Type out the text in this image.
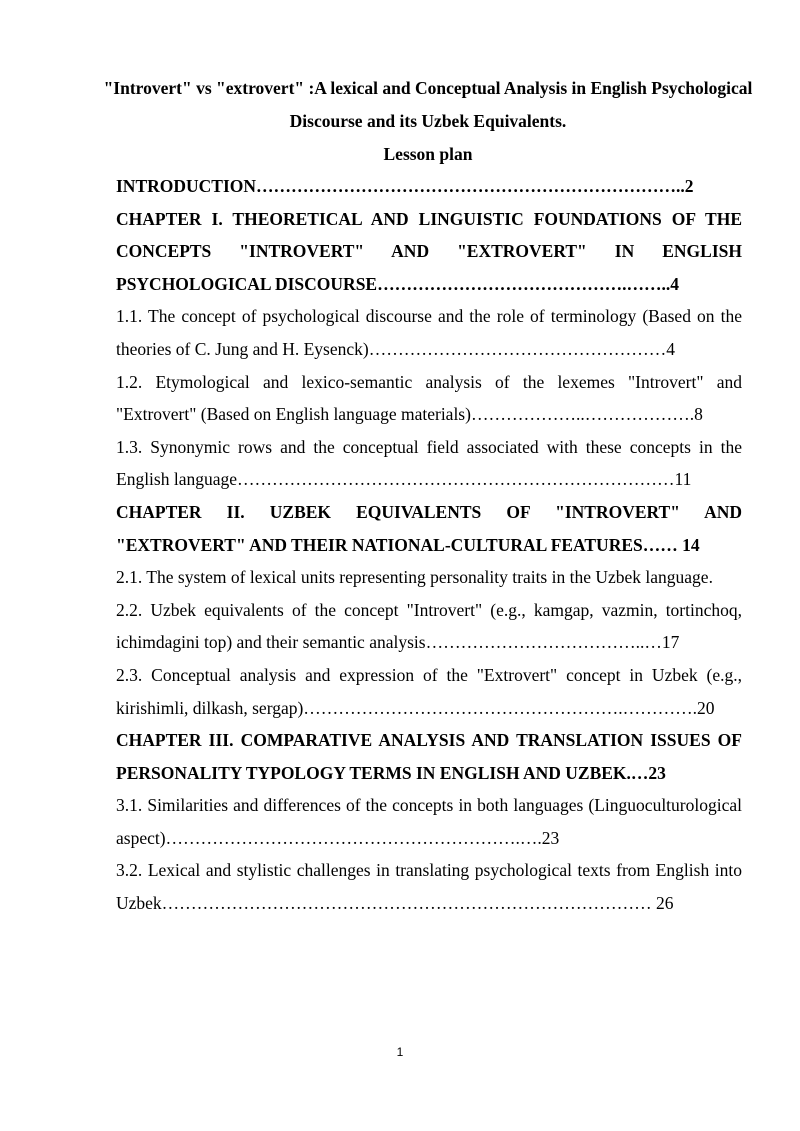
"Introvert" vs "extrovert" :A lexical and Conceptual Analysis in English Psychological Discourse and its Uzbek Equivalents.
Lesson plan

INTRODUCTION………………………………………………………………..2

CHAPTER I. THEORETICAL AND LINGUISTIC FOUNDATIONS OF THE CONCEPTS "INTROVERT" AND "EXTROVERT" IN ENGLISH PSYCHOLOGICAL DISCOURSE…………………………………….……..4

1.1. The concept of psychological discourse and the role of terminology (Based on the theories of C. Jung and H. Eysenck)……………………………………………4

1.2. Etymological and lexico-semantic analysis of the lexemes "Introvert" and "Extrovert" (Based on English language materials)………………..……………….8

1.3. Synonymic rows and the conceptual field associated with these concepts in the English language…………………………………………………………………11

CHAPTER II. UZBEK EQUIVALENTS OF "INTROVERT" AND "EXTROVERT" AND THEIR NATIONAL-CULTURAL FEATURES…… 14

2.1. The system of lexical units representing personality traits in the Uzbek language.

2.2. Uzbek equivalents of the concept "Introvert" (e.g., kamgap, vazmin, tortinchoq, ichimdagini top) and their semantic analysis………………………………..…17

2.3. Conceptual analysis and expression of the "Extrovert" concept in Uzbek (e.g., kirishimli, dilkash, sergap)……………………………………………….………….20

CHAPTER III. COMPARATIVE ANALYSIS AND TRANSLATION ISSUES OF PERSONALITY TYPOLOGY TERMS IN ENGLISH AND UZBEK.…23

3.1. Similarities and differences of the concepts in both languages (Linguoculturological aspect)…………………………………………………….….23

3.2. Lexical and stylistic challenges in translating psychological texts from English into Uzbek………………………………………………………………………… 26

1
